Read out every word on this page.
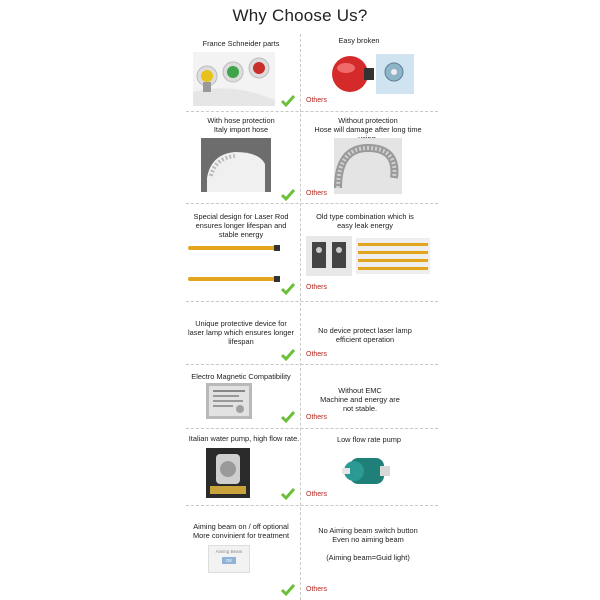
Why Choose Us?
France Schneider parts	Easy broken
Others
With hose protection
Italy import hose
Without protection
Hose will damage after long time
Others
Special design for Laser Rod
ensures longer lifespan and
stable energy
Old type combination which is
easy leak energy
Others
Unique protective device for
laser lamp which ensures longer
lifespan
No device protect laser lamp
efficient operation
Others
Electro Magnetic Compatibility
Without EMC
Machine and energy are
not stable.
Others
Italian water pump, high flow rate.	Low flow rate pump
Others
Aiming beam on / off optional
More convinient for treatment
Aiming Beam
OK
No Aiming beam switch button
Even no aiming beam
(Aiming beam=Guid light)
Others
